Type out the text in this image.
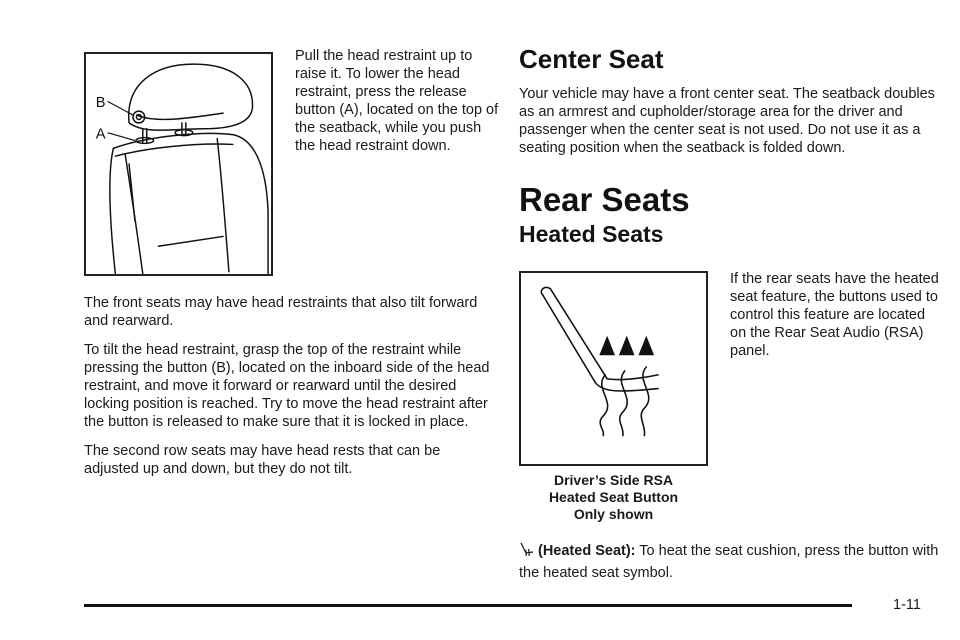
B
A

Pull the head restraint up to raise it. To lower the head restraint, press the release button (A), located on the top of the seatback, while you push the head restraint down.

The front seats may have head restraints that also tilt forward and rearward.

To tilt the head restraint, grasp the top of the restraint while pressing the button (B), located on the inboard side of the head restraint, and move it forward or rearward until the desired locking position is reached. Try to move the head restraint after the button is released to make sure that it is locked in place.

The second row seats may have head rests that can be adjusted up and down, but they do not tilt.

Center Seat

Your vehicle may have a front center seat. The seatback doubles as an armrest and cupholder/storage area for the driver and passenger when the center seat is not used. Do not use it as a seating position when the seatback is folded down.

Rear Seats
Heated Seats

If the rear seats have the heated seat feature, the buttons used to control this feature are located on the Rear Seat Audio (RSA) panel.

Driver’s Side RSA
Heated Seat Button
Only shown

(Heated Seat): To heat the seat cushion, press the button with the heated seat symbol.

1-11
